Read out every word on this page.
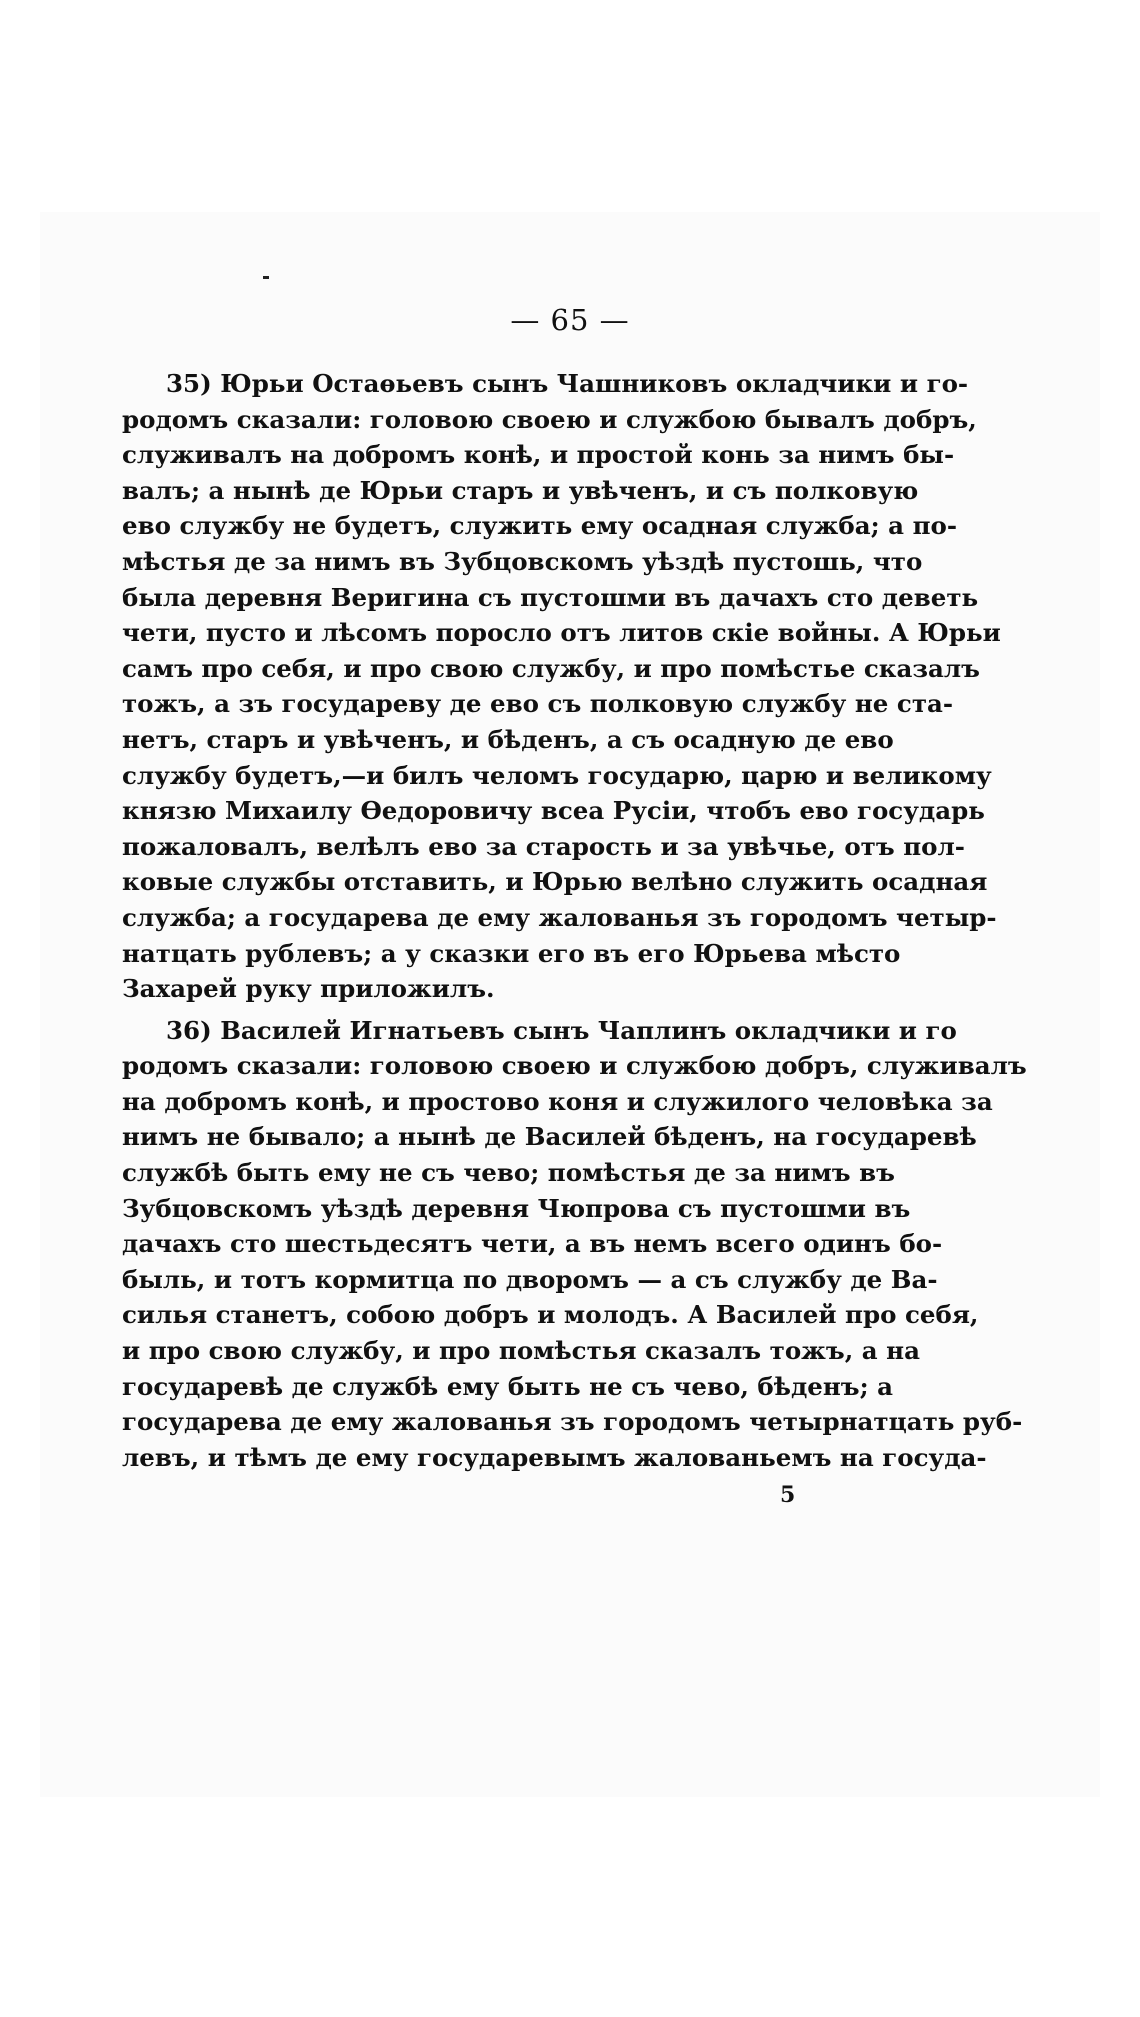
— 65 —
35) Юрьи Остаѳьевъ сынъ Чашниковъ окладчики и го-
родомъ сказали: головою своею и службою бывалъ добръ,
служивалъ на добромъ конѣ, и простой конь за нимъ бы-
валъ; а нынѣ де Юрьи старъ и увѣченъ, и съ полковую
ево службу не будетъ, служить ему осадная служба; а по-
мѣстья де за нимъ въ Зубцовскомъ уѣздѣ пустошь, что
была деревня Веригина съ пустошми въ дачахъ сто деветь
чети, пусто и лѣсомъ поросло отъ литов скіе войны. А Юрьи
самъ про себя, и про свою службу, и про помѣстье сказалъ
тожъ, а зъ государеву де ево съ полковую службу не ста-
нетъ, старъ и увѣченъ, и бѣденъ, а съ осадную де ево
службу будетъ,—и билъ челомъ государю, царю и великому
князю Михаилу Ѳедоровичу всеа Русіи, чтобъ ево государь
пожаловалъ, велѣлъ ево за старость и за увѣчье, отъ пол-
ковые службы отставить, и Юрью велѣно служить осадная
служба; а государева де ему жалованья зъ городомъ четыр-
натцать рублевъ; а у сказки его въ его Юрьева мѣсто
Захарей руку приложилъ.
36) Василей Игнатьевъ сынъ Чаплинъ окладчики и го
родомъ сказали: головою своею и службою добръ, служивалъ
на добромъ конѣ, и простово коня и служилого человѣка за
нимъ не бывало; а нынѣ де Василей бѣденъ, на государевѣ
службѣ быть ему не съ чево; помѣстья де за нимъ въ
Зубцовскомъ уѣздѣ деревня Чюпрова съ пустошми въ
дачахъ сто шестьдесятъ чети, а въ немъ всего одинъ бо-
быль, и тотъ кормитца по дворомъ — а съ службу де Ва-
силья станетъ, собою добръ и молодъ. А Василей про себя,
и про свою службу, и про помѣстья сказалъ тожъ, а на
государевѣ де службѣ ему быть не съ чево, бѣденъ; а
государева де ему жалованья зъ городомъ четырнатцать руб-
левъ, и тѣмъ де ему государевымъ жалованьемъ на госуда-
5
